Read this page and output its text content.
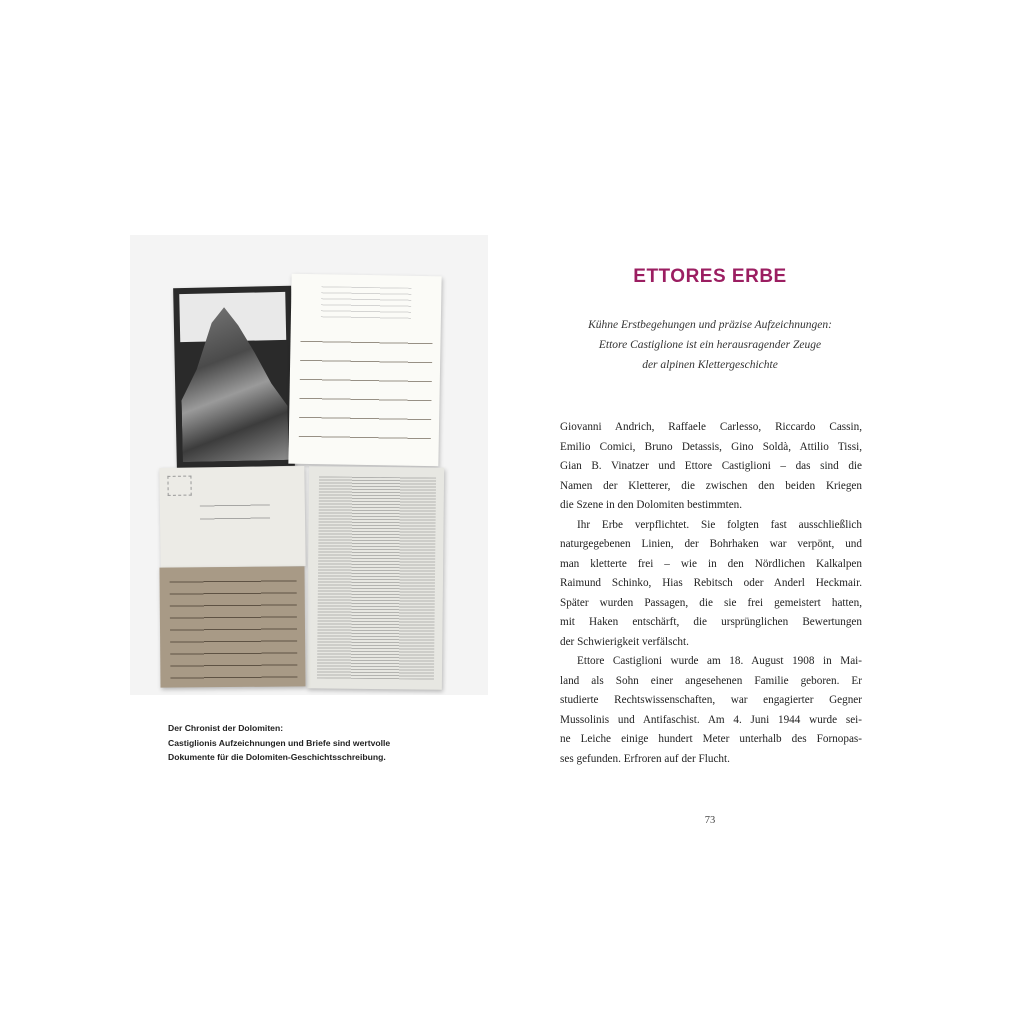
Der Chronist der Dolomiten:
Castiglionis Aufzeichnungen und Briefe sind wertvolle
Dokumente für die Dolomiten-Geschichtsschreibung.
ETTORES ERBE
Kühne Erstbegehungen und präzise Aufzeichnungen:
Ettore Castiglione ist ein herausragender Zeuge
der alpinen Klettergeschichte
Giovanni Andrich, Raffaele Carlesso, Riccardo Cassin,
Emilio Comici, Bruno Detassis, Gino Soldà, Attilio Tissi,
Gian B. Vinatzer und Ettore Castiglioni – das sind die
Namen der Kletterer, die zwischen den beiden Kriegen
die Szene in den Dolomiten bestimmten.
Ihr Erbe verpflichtet. Sie folgten fast ausschließlich
naturgegebenen Linien, der Bohrhaken war verpönt, und
man kletterte frei – wie in den Nördlichen Kalkalpen
Raimund Schinko, Hias Rebitsch oder Anderl Heckmair.
Später wurden Passagen, die sie frei gemeistert hatten,
mit Haken entschärft, die ursprünglichen Bewertungen
der Schwierigkeit verfälscht.
Ettore Castiglioni wurde am 18. August 1908 in Mai-
land als Sohn einer angesehenen Familie geboren. Er
studierte Rechtswissenschaften, war engagierter Gegner
Mussolinis und Antifaschist. Am 4. Juni 1944 wurde sei-
ne Leiche einige hundert Meter unterhalb des Fornopas-
ses gefunden. Erfroren auf der Flucht.
73
